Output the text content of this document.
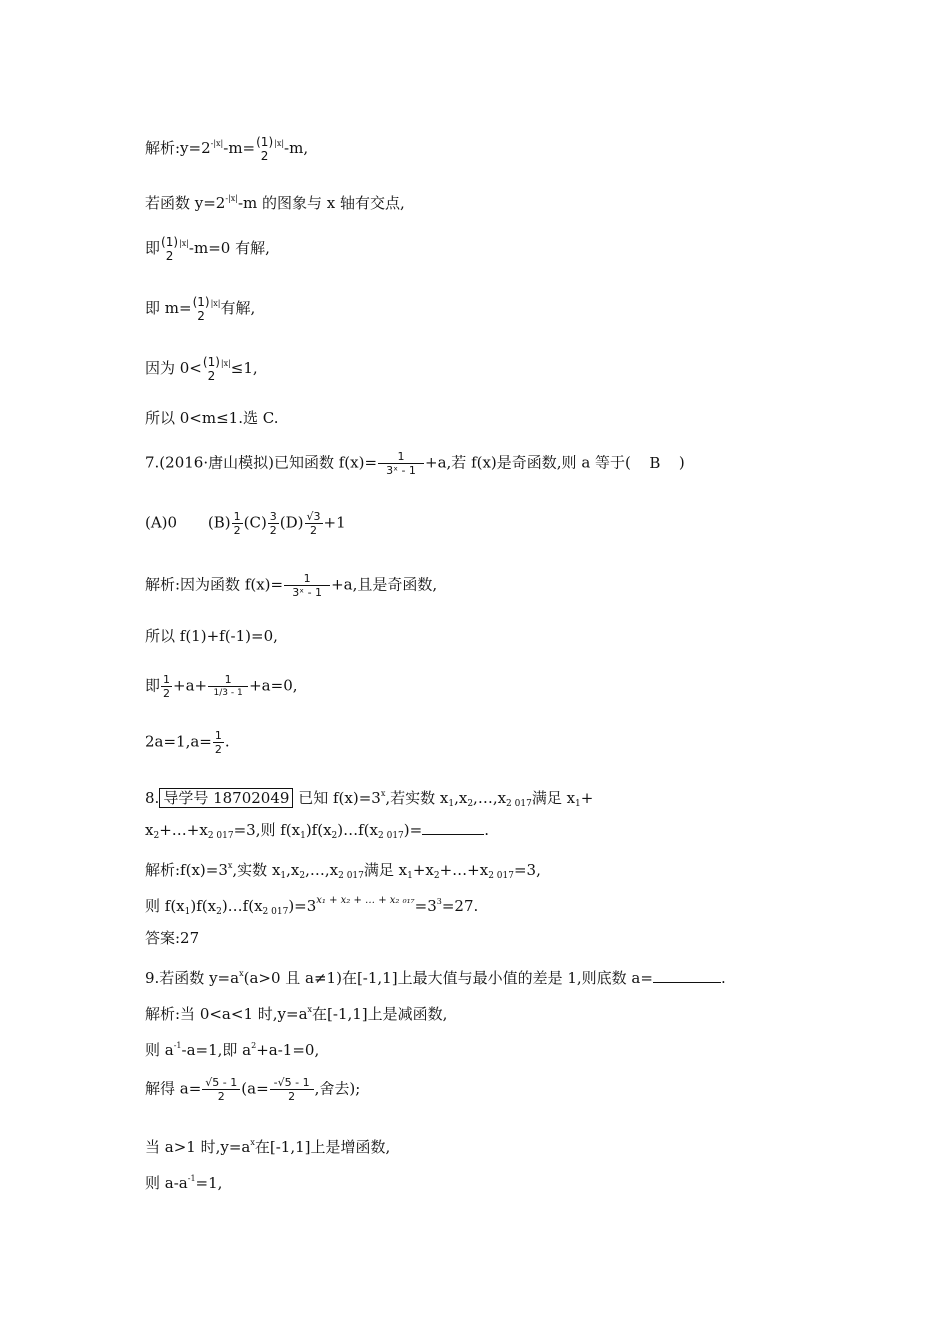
解析$:y=2^{-|x|}-m= (1)$
2
$^{|x|}$-m,
若函数 $y=2^{-|x|}-m$ 的图象与 x 轴有交点,
即 (1)
2
$^{|x|}$-m=0 有解,
即 m= (1)
2
$^{|x|}$有解,
因为 0< (1)
2
$^{|x|}$≤1,
所以 0<m≤1.选 C.
7.(2016·唐山模拟)已知函数 $f(x)= \frac{1}{\text{3ˣ - 1}} +a$,若 f(x)是奇函数,则 a 等于( B )
(A)0 $(B) \frac{1}{2} (C) \frac{3}{2} (D) \frac{√3}{2} +1$
解析:因为函数 $f(x)= \frac{1}{\text{3ˣ - 1}} +a$,且是奇函数,
所以 f(1)+f(-1)=0,
即 $\frac{1}{2} +a+ \frac{1}{1/3 - 1} +a=0$,
$2a=1,a= \frac{1}{2}$ .
8. 导学号 18702049 已知 $f(x)=3^x$,若实数 $x_1,x_2,\dots,x_{2 017}$满足 $x_1+$
$x_2+\dots+x_{2 017}=3$,则 $f(x_1)f(x_2)\dots f(x_{2 017})=$	.
解析$:f(x)=3^x$,实数 $x_1,x_2,\dots,x_{2 017}$满足 $x_1+x_2+\dots+x_{2 017}=3$,
则 $f(x_1)f(x_2)\dots f(x_{2 017})=3^{x_1 + x_2 + \dots + x_2 _{017}}=3^3=27$.
答案:27
9.若函数 $y=a^x(a>0$ 且 a≠1)在[-1,1]上最大值与最小值的差是 1,则底数 a=	.
解析:当 0<a<1 时$,y=a^x$在[-1,1]上是减函数,
则 $a^{-1}-a=1$,即 $a^2+a-1=0$,
解得 $a= \frac{√5 - 1}{2} (a= \frac{-√5 - 1}{2}$ ,舍去);
当 a>1 时$,y=a^x$在[-1,1]上是增函数,
则 $a-a^{-1}=1$,
